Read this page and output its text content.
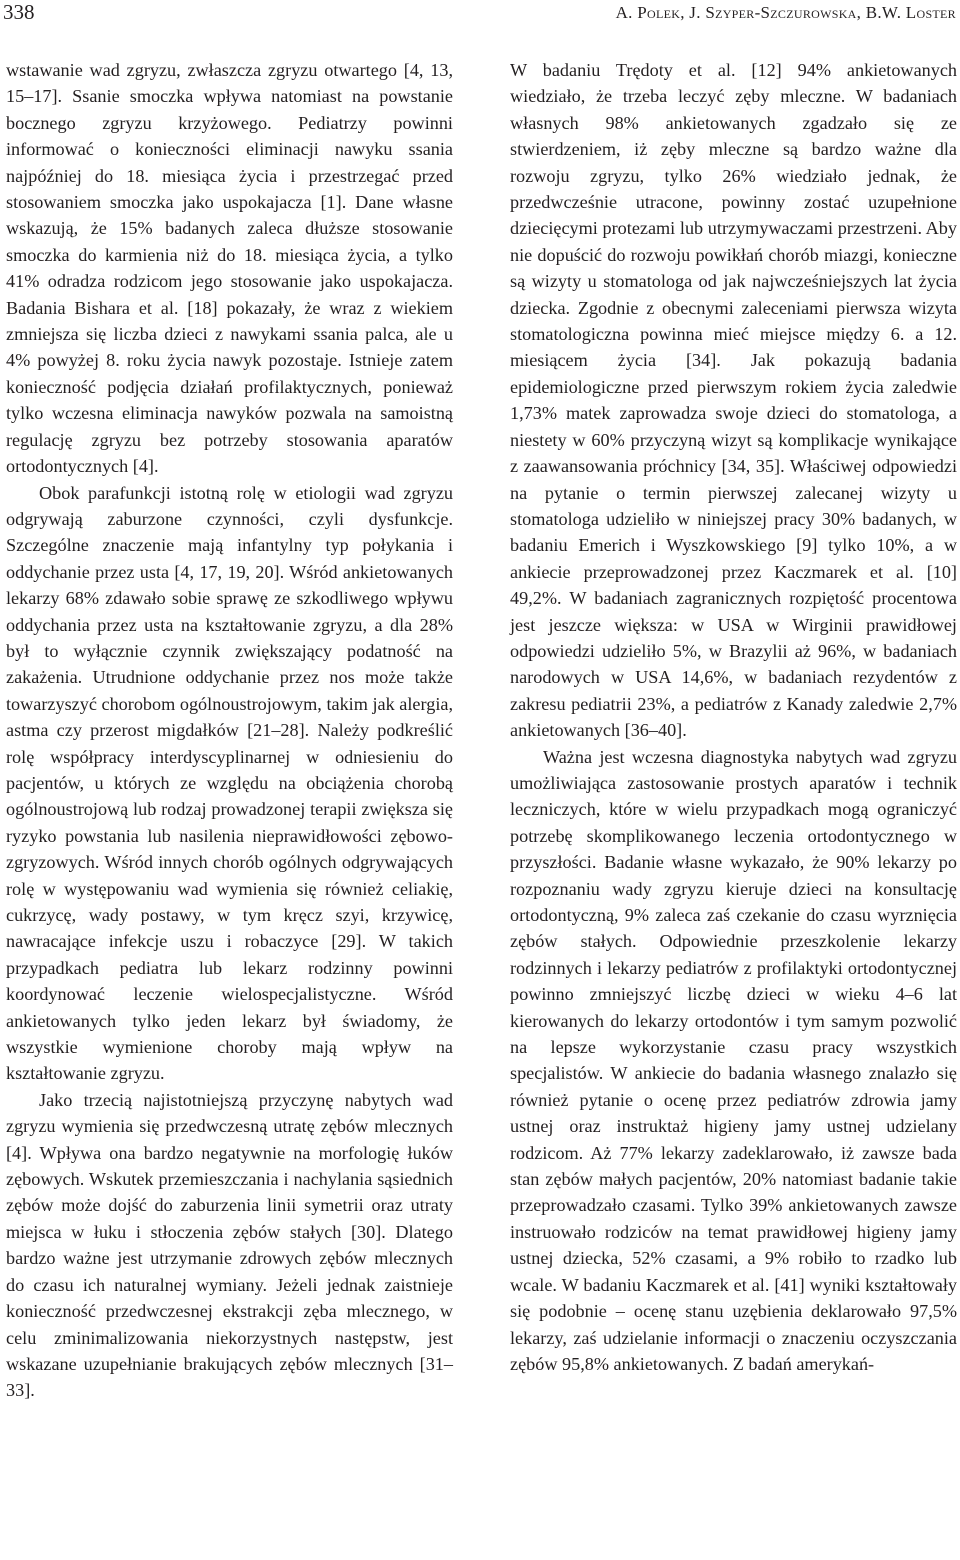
338	A. Polek, J. Szyper-Szczurowska, B.W. Loster

wstawanie wad zgryzu, zwłaszcza zgryzu otwartego [4, 13, 15–17]. Ssanie smoczka wpływa natomiast na powstanie bocznego zgryzu krzyżowego. Pediatrzy powinni informować o konieczności eliminacji nawyku ssania najpóźniej do 18. miesiąca życia i przestrzegać przed stosowaniem smoczka jako uspokajacza [1]. Dane własne wskazują, że 15% badanych zaleca dłuższe stosowanie smoczka do karmienia niż do 18. miesiąca życia, a tylko 41% odradza rodzicom jego stosowanie jako uspokajacza. Badania Bishara et al. [18] pokazały, że wraz z wiekiem zmniejsza się liczba dzieci z nawykami ssania palca, ale u 4% powyżej 8. roku życia nawyk pozostaje. Istnieje zatem konieczność podjęcia działań profilaktycznych, ponieważ tylko wczesna eliminacja nawyków pozwala na samoistną regulację zgryzu bez potrzeby stosowania aparatów ortodontycznych [4].

Obok parafunkcji istotną rolę w etiologii wad zgryzu odgrywają zaburzone czynności, czyli dysfunkcje. Szczególne znaczenie mają infantylny typ połykania i oddychanie przez usta [4, 17, 19, 20]. Wśród ankietowanych lekarzy 68% zdawało sobie sprawę ze szkodliwego wpływu oddychania przez usta na kształtowanie zgryzu, a dla 28% był to wyłącznie czynnik zwiększający podatność na zakażenia. Utrudnione oddychanie przez nos może także towarzyszyć chorobom ogólnoustrojowym, takim jak alergia, astma czy przerost migdałków [21–28]. Należy podkreślić rolę współpracy interdyscyplinarnej w odniesieniu do pacjentów, u których ze względu na obciążenia chorobą ogólnoustrojową lub rodzaj prowadzonej terapii zwiększa się ryzyko powstania lub nasilenia nieprawidłowości zębowo-zgryzowych. Wśród innych chorób ogólnych odgrywających rolę w występowaniu wad wymienia się również celiakię, cukrzycę, wady postawy, w tym kręcz szyi, krzywicę, nawracające infekcje uszu i robaczyce [29]. W takich przypadkach pediatra lub lekarz rodzinny powinni koordynować leczenie wielospecjalistyczne. Wśród ankietowanych tylko jeden lekarz był świadomy, że wszystkie wymienione choroby mają wpływ na kształtowanie zgryzu.

Jako trzecią najistotniejszą przyczynę nabytych wad zgryzu wymienia się przedwczesną utratę zębów mlecznych [4]. Wpływa ona bardzo negatywnie na morfologię łuków zębowych. Wskutek przemieszczania i nachylania sąsiednich zębów może dojść do zaburzenia linii symetrii oraz utraty miejsca w łuku i stłoczenia zębów stałych [30]. Dlatego bardzo ważne jest utrzymanie zdrowych zębów mlecznych do czasu ich naturalnej wymiany. Jeżeli jednak zaistnieje konieczność przedwczesnej ekstrakcji zęba mlecznego, w celu zminimalizowania niekorzystnych następstw, jest wskazane uzupełnianie brakujących zębów mlecznych [31–33].

W badaniu Trędoty et al. [12] 94% ankietowanych wiedziało, że trzeba leczyć zęby mleczne. W badaniach własnych 98% ankietowanych zgadzało się ze stwierdzeniem, iż zęby mleczne są bardzo ważne dla rozwoju zgryzu, tylko 26% wiedziało jednak, że przedwcześnie utracone, powinny zostać uzupełnione dziecięcymi protezami lub utrzymywaczami przestrzeni. Aby nie dopuścić do rozwoju powikłań chorób miazgi, konieczne są wizyty u stomatologa od jak najwcześniejszych lat życia dziecka. Zgodnie z obecnymi zaleceniami pierwsza wizyta stomatologiczna powinna mieć miejsce między 6. a 12. miesiącem życia [34]. Jak pokazują badania epidemiologiczne przed pierwszym rokiem życia zaledwie 1,73% matek zaprowadza swoje dzieci do stomatologa, a niestety w 60% przyczyną wizyt są komplikacje wynikające z zaawansowania próchnicy [34, 35]. Właściwej odpowiedzi na pytanie o termin pierwszej zalecanej wizyty u stomatologa udzieliło w niniejszej pracy 30% badanych, w badaniu Emerich i Wyszkowskiego [9] tylko 10%, a w ankiecie przeprowadzonej przez Kaczmarek et al. [10] 49,2%. W badaniach zagranicznych rozpiętość procentowa jest jeszcze większa: w USA w Wirginii prawidłowej odpowiedzi udzieliło 5%, w Brazylii aż 96%, w badaniach narodowych w USA 14,6%, w badaniach rezydentów z zakresu pediatrii 23%, a pediatrów z Kanady zaledwie 2,7% ankietowanych [36–40].

Ważna jest wczesna diagnostyka nabytych wad zgryzu umożliwiająca zastosowanie prostych aparatów i technik leczniczych, które w wielu przypadkach mogą ograniczyć potrzebę skomplikowanego leczenia ortodontycznego w przyszłości. Badanie własne wykazało, że 90% lekarzy po rozpoznaniu wady zgryzu kieruje dzieci na konsultację ortodontyczną, 9% zaleca zaś czekanie do czasu wyrznięcia zębów stałych. Odpowiednie przeszkolenie lekarzy rodzinnych i lekarzy pediatrów z profilaktyki ortodontycznej powinno zmniejszyć liczbę dzieci w wieku 4–6 lat kierowanych do lekarzy ortodontów i tym samym pozwolić na lepsze wykorzystanie czasu pracy wszystkich specjalistów. W ankiecie do badania własnego znalazło się również pytanie o ocenę przez pediatrów zdrowia jamy ustnej oraz instruktaż higieny jamy ustnej udzielany rodzicom. Aż 77% lekarzy zadeklarowało, iż zawsze bada stan zębów małych pacjentów, 20% natomiast badanie takie przeprowadzało czasami. Tylko 39% ankietowanych zawsze instruowało rodziców na temat prawidłowej higieny jamy ustnej dziecka, 52% czasami, a 9% robiło to rzadko lub wcale. W badaniu Kaczmarek et al. [41] wyniki kształtowały się podobnie – ocenę stanu uzębienia deklarowało 97,5% lekarzy, zaś udzielanie informacji o znaczeniu oczyszczania zębów 95,8% ankietowanych. Z badań amerykań-
